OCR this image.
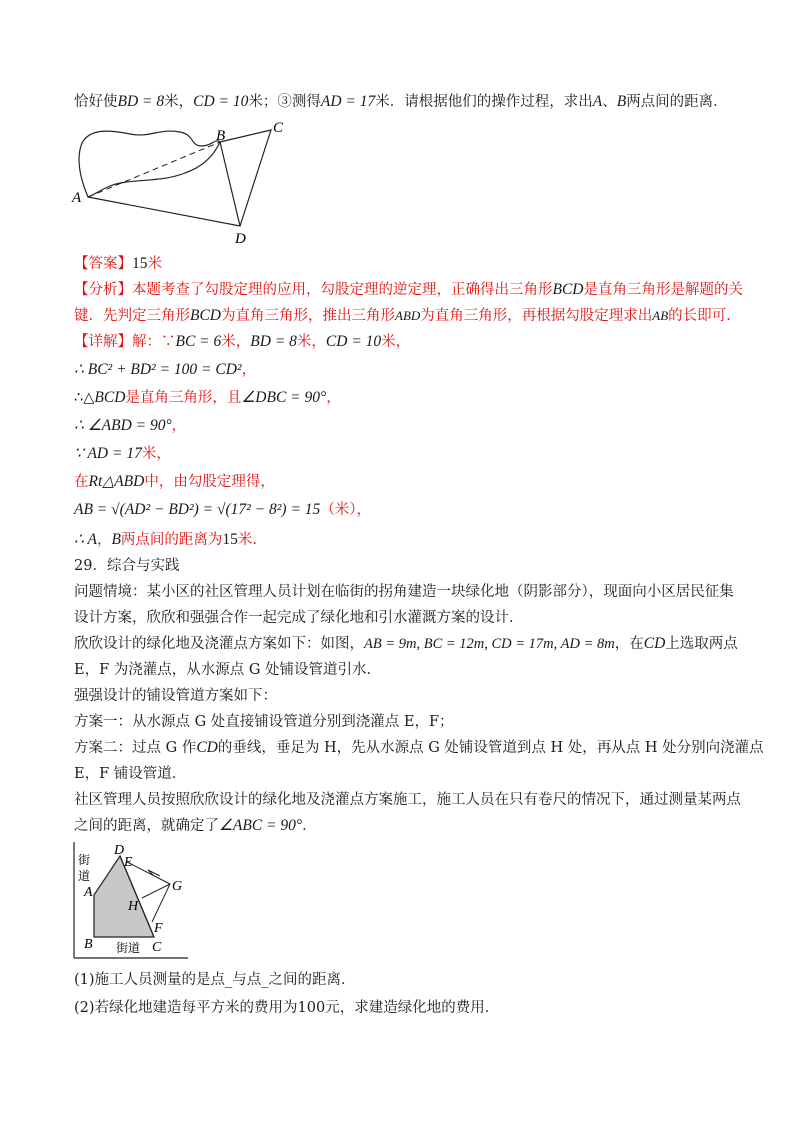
恰好使BD = 8米，CD = 10米；③测得AD = 17米．请根据他们的操作过程，求出A、B两点间的距离．
A
B	C
D
【答案】15米
【分析】本题考查了勾股定理的应用，勾股定理的逆定理，正确得出三角形BCD是直角三角形是解题的关
键．先判定三角形BCD为直角三角形，推出三角形ABD为直角三角形，再根据勾股定理求出AB的长即可.
【详解】解：∵BC = 6米，BD = 8米，CD = 10米，
∴ BC² + BD² = 100 = CD²，
∴△BCD是直角三角形，且∠DBC = 90°，
∴ ∠ABD = 90°，
∵ AD = 17米，
在Rt△ABD中，由勾股定理得，
AB = √(AD² − BD²) = √(17² − 8²) = 15（米），
∴ A，B两点间的距离为15米.
29．综合与实践
问题情境：某小区的社区管理人员计划在临街的拐角建造一块绿化地（阴影部分），现面向小区居民征集
设计方案，欣欣和强强合作一起完成了绿化地和引水灌溉方案的设计．
欣欣设计的绿化地及浇灌点方案如下：如图，AB = 9m, BC = 12m, CD = 17m, AD = 8m，在CD上选取两点
E，F 为浇灌点，从水源点 G 处铺设管道引水．
强强设计的铺设管道方案如下：
方案一：从水源点 G 处直接铺设管道分别到浇灌点 E，F；
方案二：过点 G 作CD的垂线，垂足为 H，先从水源点 G 处铺设管道到点 H 处，再从点 H 处分别向浇灌点
E，F 铺设管道．
社区管理人员按照欣欣设计的绿化地及浇灌点方案施工，施工人员在只有卷尺的情况下，通过测量某两点
之间的距离，就确定了∠ABC = 90°．
街
道
街道
A
B	C
D
E
F
G
H
(1)施工人员测量的是点_与点_之间的距离．
(2)若绿化地建造每平方米的费用为100元，求建造绿化地的费用．
